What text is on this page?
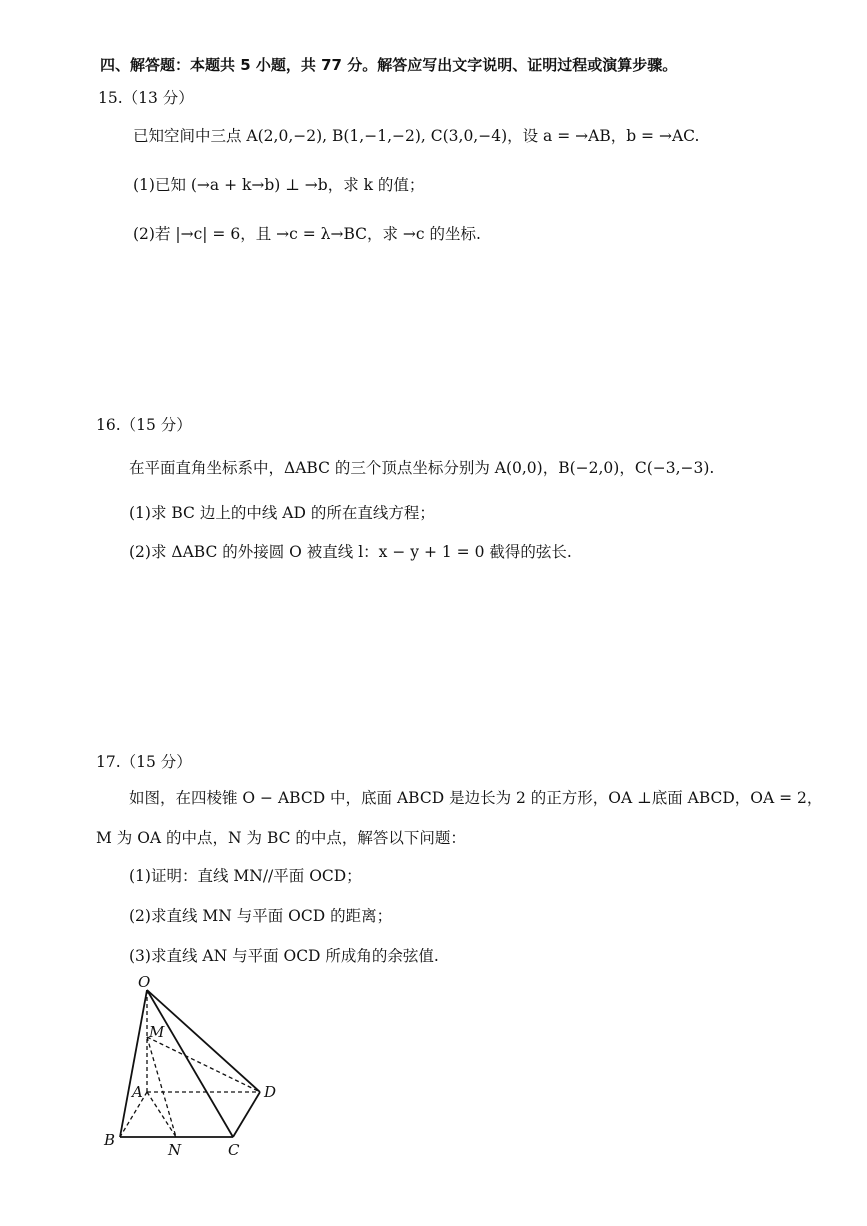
四、解答题：本题共 5 小题，共 77 分。解答应写出文字说明、证明过程或演算步骤。
15.（13 分）
已知空间中三点 A(2,0,−2), B(1,−1,−2), C(3,0,−4)，设 a = →AB，b = →AC.
(1)已知 (→a + k→b) ⊥ →b，求 k 的值；
(2)若 |→c| = 6，且 →c = λ→BC，求 →c 的坐标.
16.（15 分）
在平面直角坐标系中，ΔABC 的三个顶点坐标分别为 A(0,0)，B(−2,0)，C(−3,−3).
(1)求 BC 边上的中线 AD 的所在直线方程；
(2)求 ΔABC 的外接圆 O 被直线 l：x − y + 1 = 0 截得的弦长.
17.（15 分）
如图，在四棱锥 O − ABCD 中，底面 ABCD 是边长为 2 的正方形，OA ⊥底面 ABCD，OA = 2，
M 为 OA 的中点，N 为 BC 的中点，解答以下问题：
(1)证明：直线 MN//平面 OCD；
(2)求直线 MN 与平面 OCD 的距离；
(3)求直线 AN 与平面 OCD 所成角的余弦值.
O
M
A	D
B
N	C
